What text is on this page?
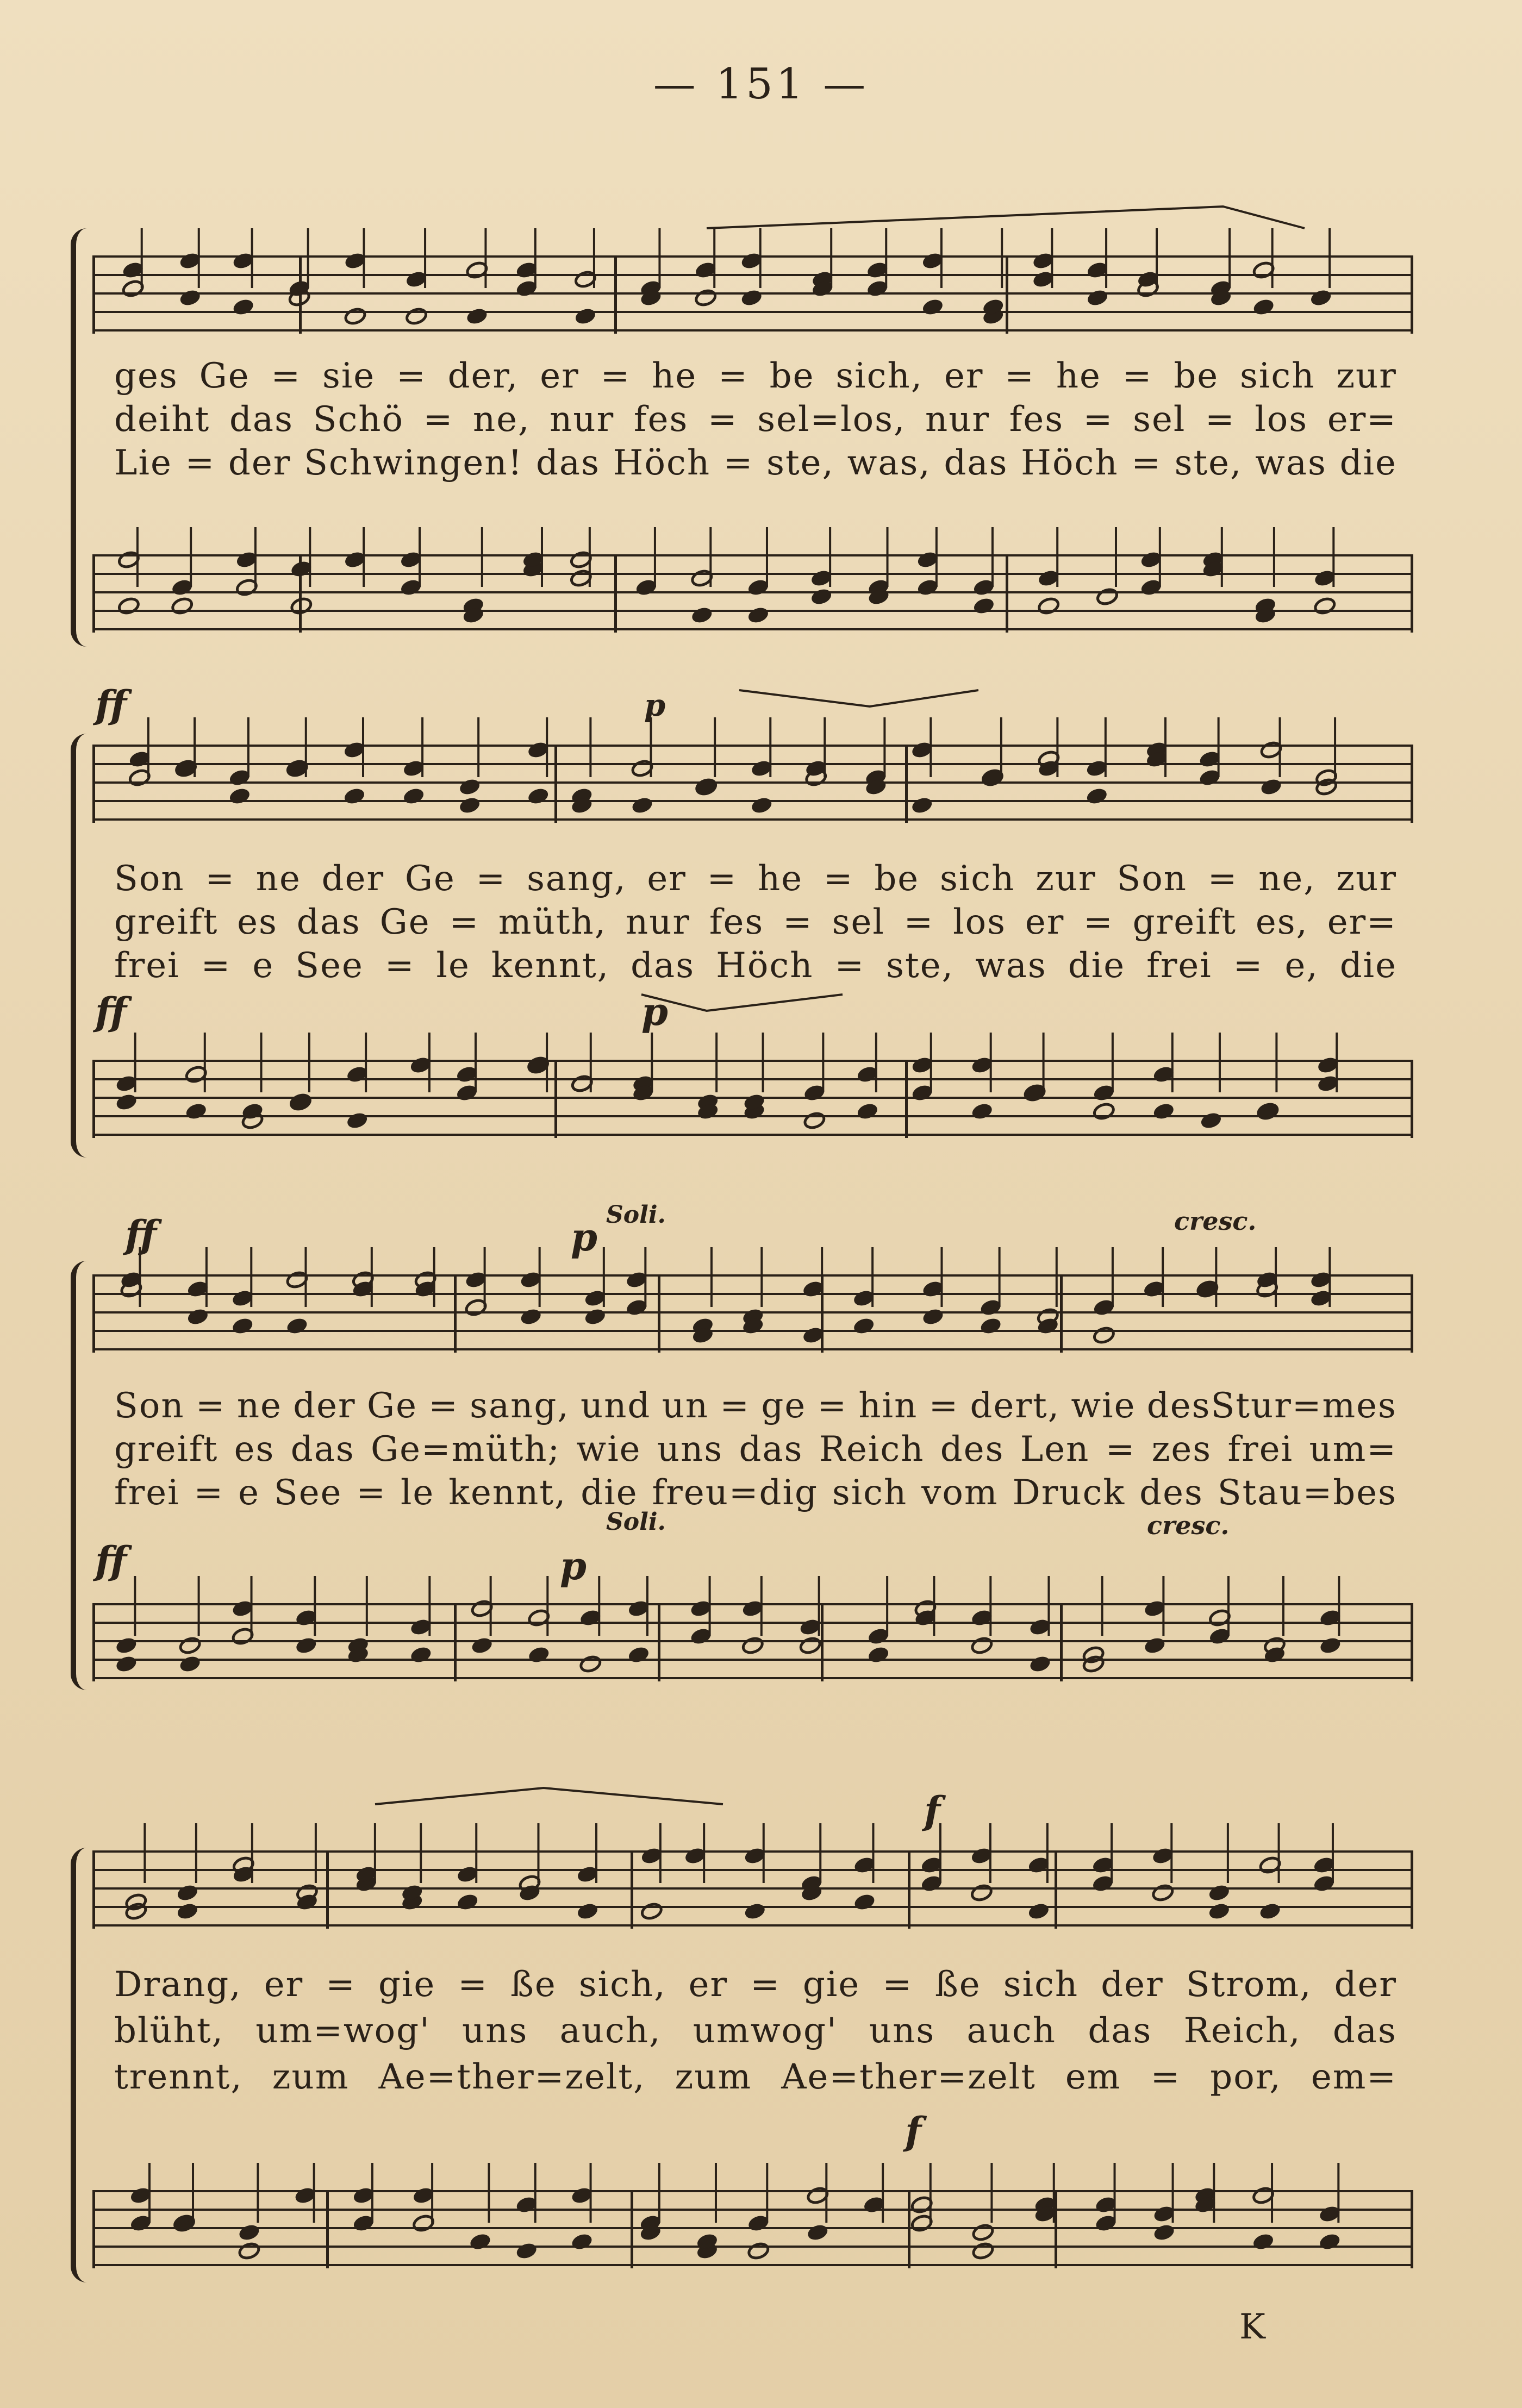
— 151 —
ges Ge = sie = der, er = he = be sich, er = he = be sich zur
deiht das Schö = ne, nur fes = sel=los, nur fes = sel = los er=
Lie = der Schwingen! das Höch = ste, was, das Höch = ste, was die
ff	p
Son = ne der Ge = sang, er = he = be sich zur Son = ne, zur
greift es das Ge = müth, nur fes = sel = los er = greift es, er=
frei = e See = le kennt, das Höch = ste, was die frei = e, die
ff	p
ff	p Soli.	cresc.
Son = ne der Ge = sang, und un = ge = hin = dert, wie desStur=mes
greift es das Ge=müth; wie uns das Reich des Len = zes frei um=
frei = e See = le kennt, die freu=dig sich vom Druck des Stau=bes
Soli.	cresc.
ff	p
f
Drang, er = gie = ße sich, er = gie = ße sich der Strom, der
blüht, um=wog' uns auch, umwog' uns auch das Reich, das
trennt, zum Ae=ther=zelt, zum Ae=ther=zelt em = por, em=
f
K
